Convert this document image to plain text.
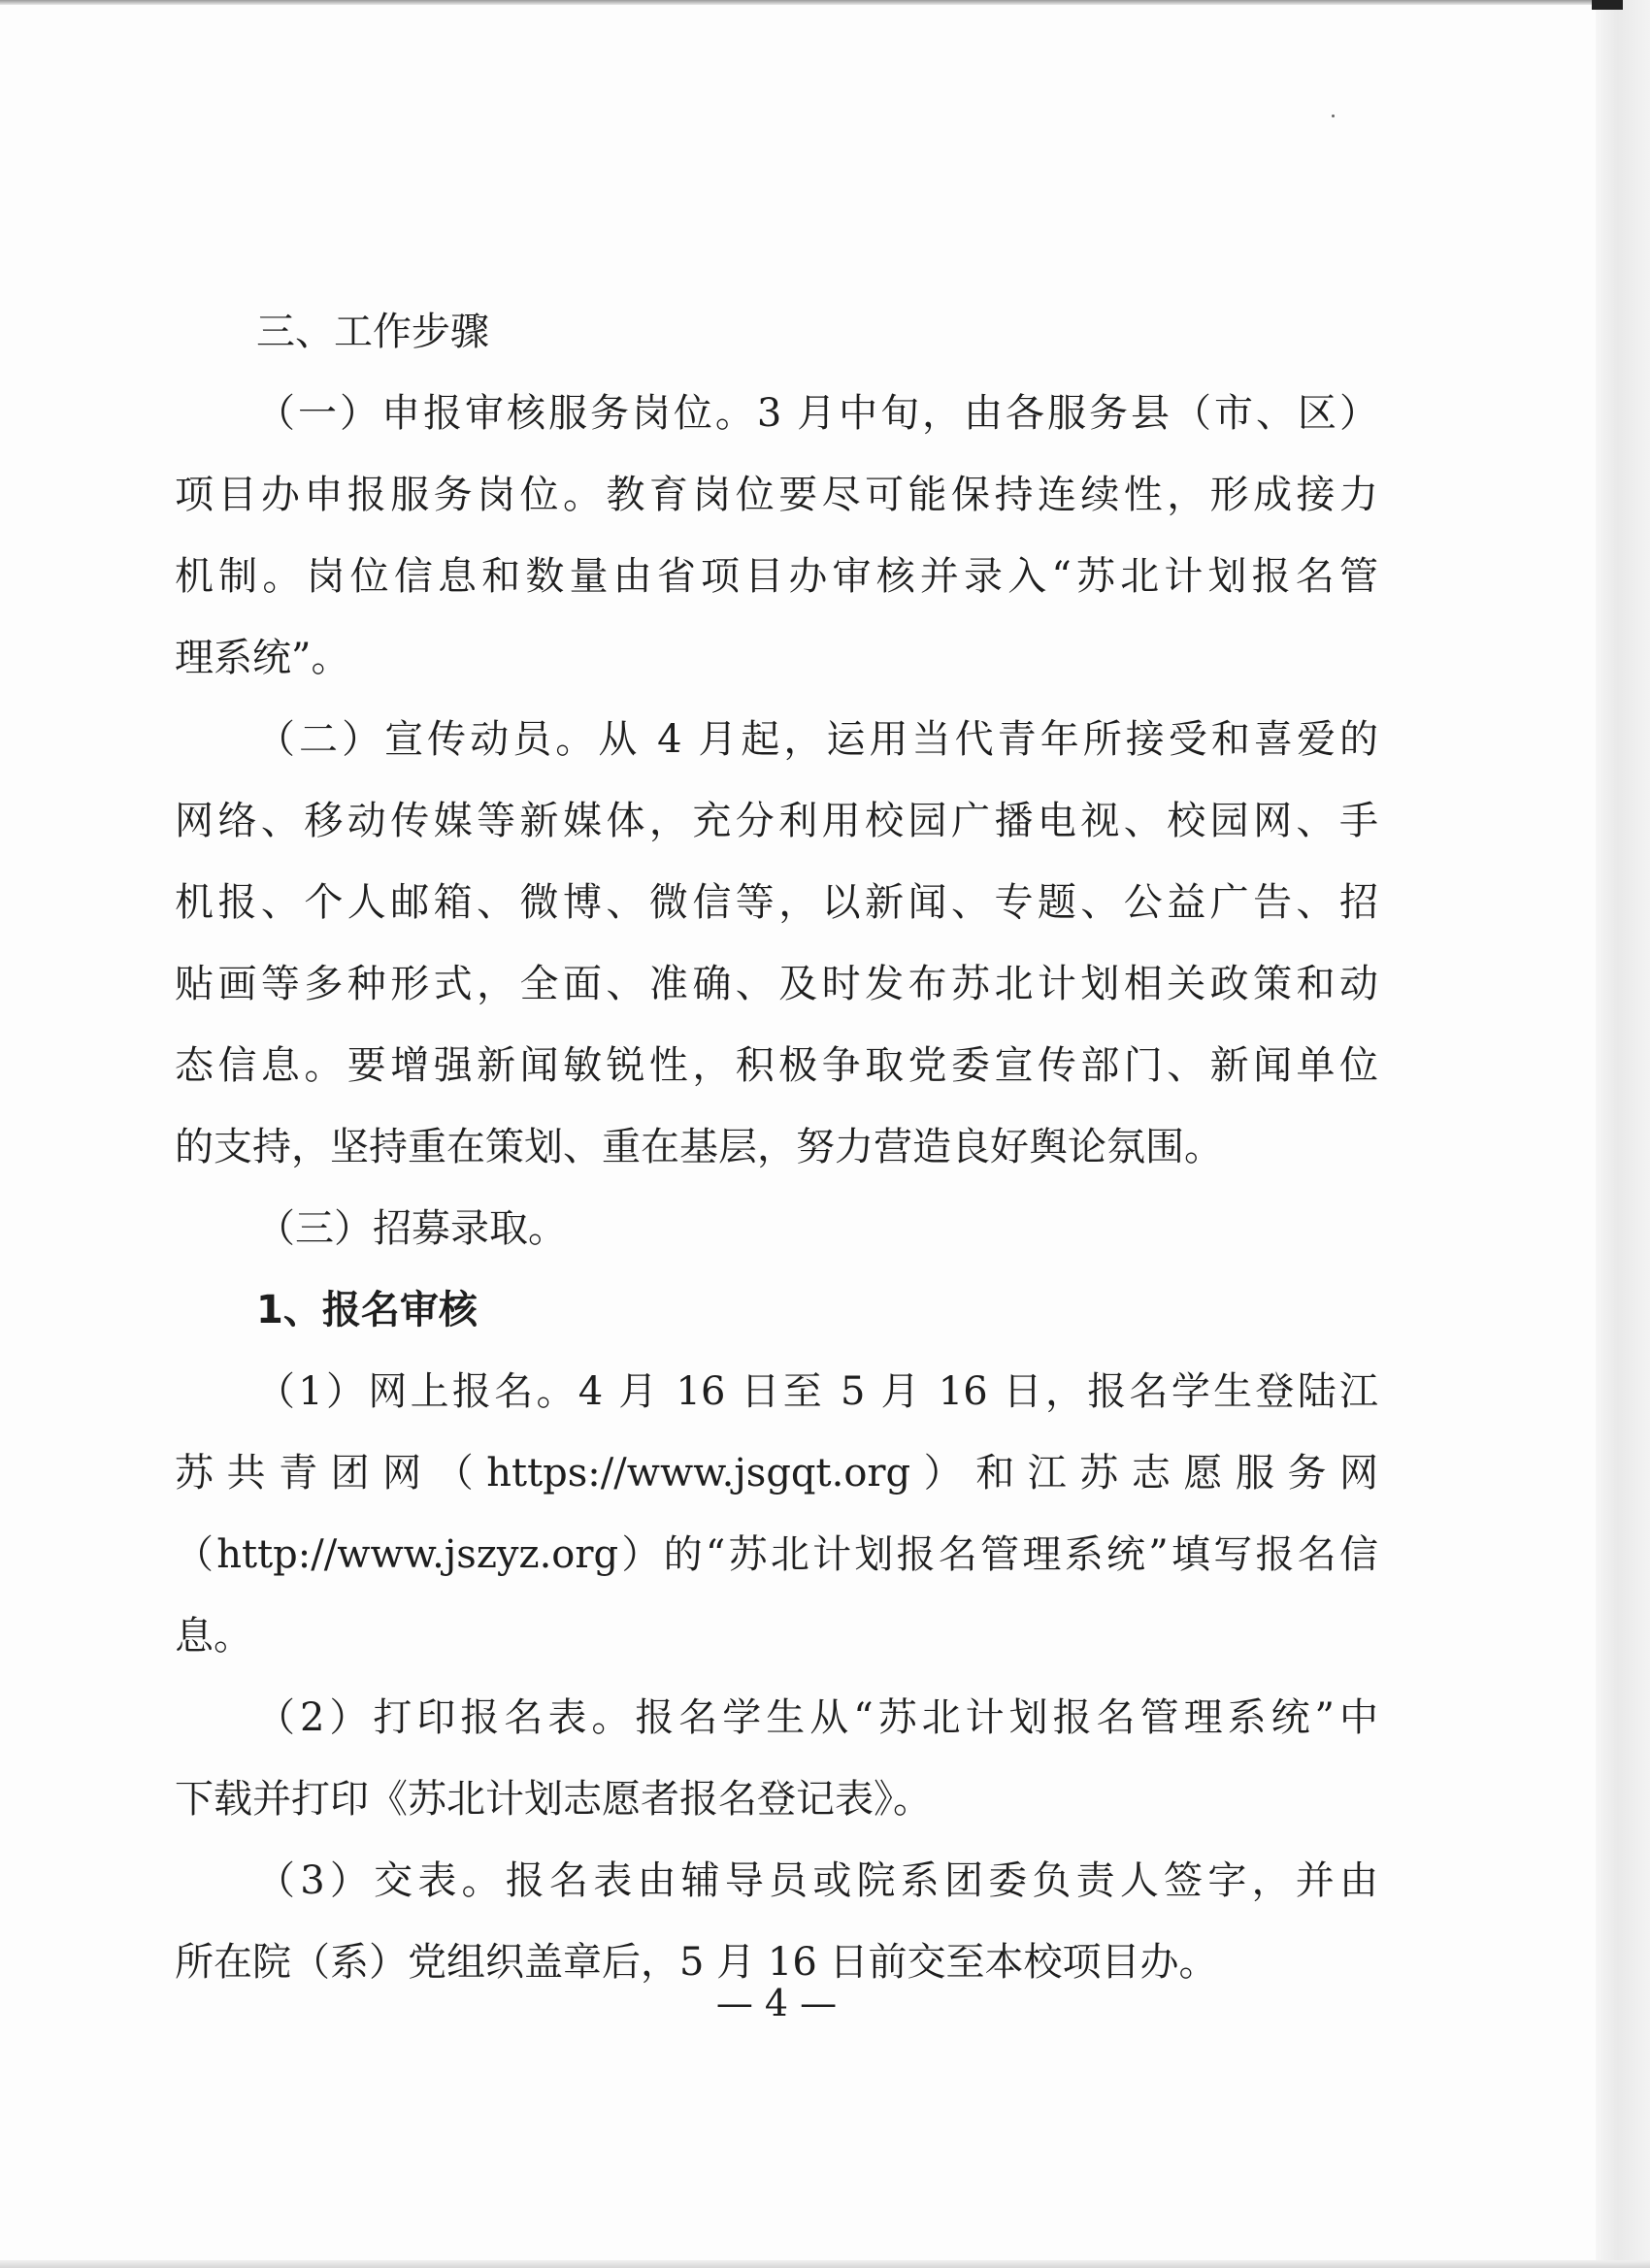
三、工作步骤
（一）申报审核服务岗位。3 月中旬，由各服务县（市、区）
项目办申报服务岗位。教育岗位要尽可能保持连续性，形成接力
机制。岗位信息和数量由省项目办审核并录入“苏北计划报名管
理系统”。
（二）宣传动员。从 4 月起，运用当代青年所接受和喜爱的
网络、移动传媒等新媒体，充分利用校园广播电视、校园网、手
机报、个人邮箱、微博、微信等，以新闻、专题、公益广告、招
贴画等多种形式，全面、准确、及时发布苏北计划相关政策和动
态信息。要增强新闻敏锐性，积极争取党委宣传部门、新闻单位
的支持，坚持重在策划、重在基层，努力营造良好舆论氛围。
（三）招募录取。
1、报名审核
（1）网上报名。4 月 16 日至 5 月 16 日，报名学生登陆江
苏共青团网（https://www.jsgqt.org）和江苏志愿服务网
（http://www.jszyz.org）的“苏北计划报名管理系统”填写报名信
息。
（2）打印报名表。报名学生从“苏北计划报名管理系统”中
下载并打印《苏北计划志愿者报名登记表》。
（3）交表。报名表由辅导员或院系团委负责人签字，并由
所在院（系）党组织盖章后，5 月 16 日前交至本校项目办。
— 4 —
